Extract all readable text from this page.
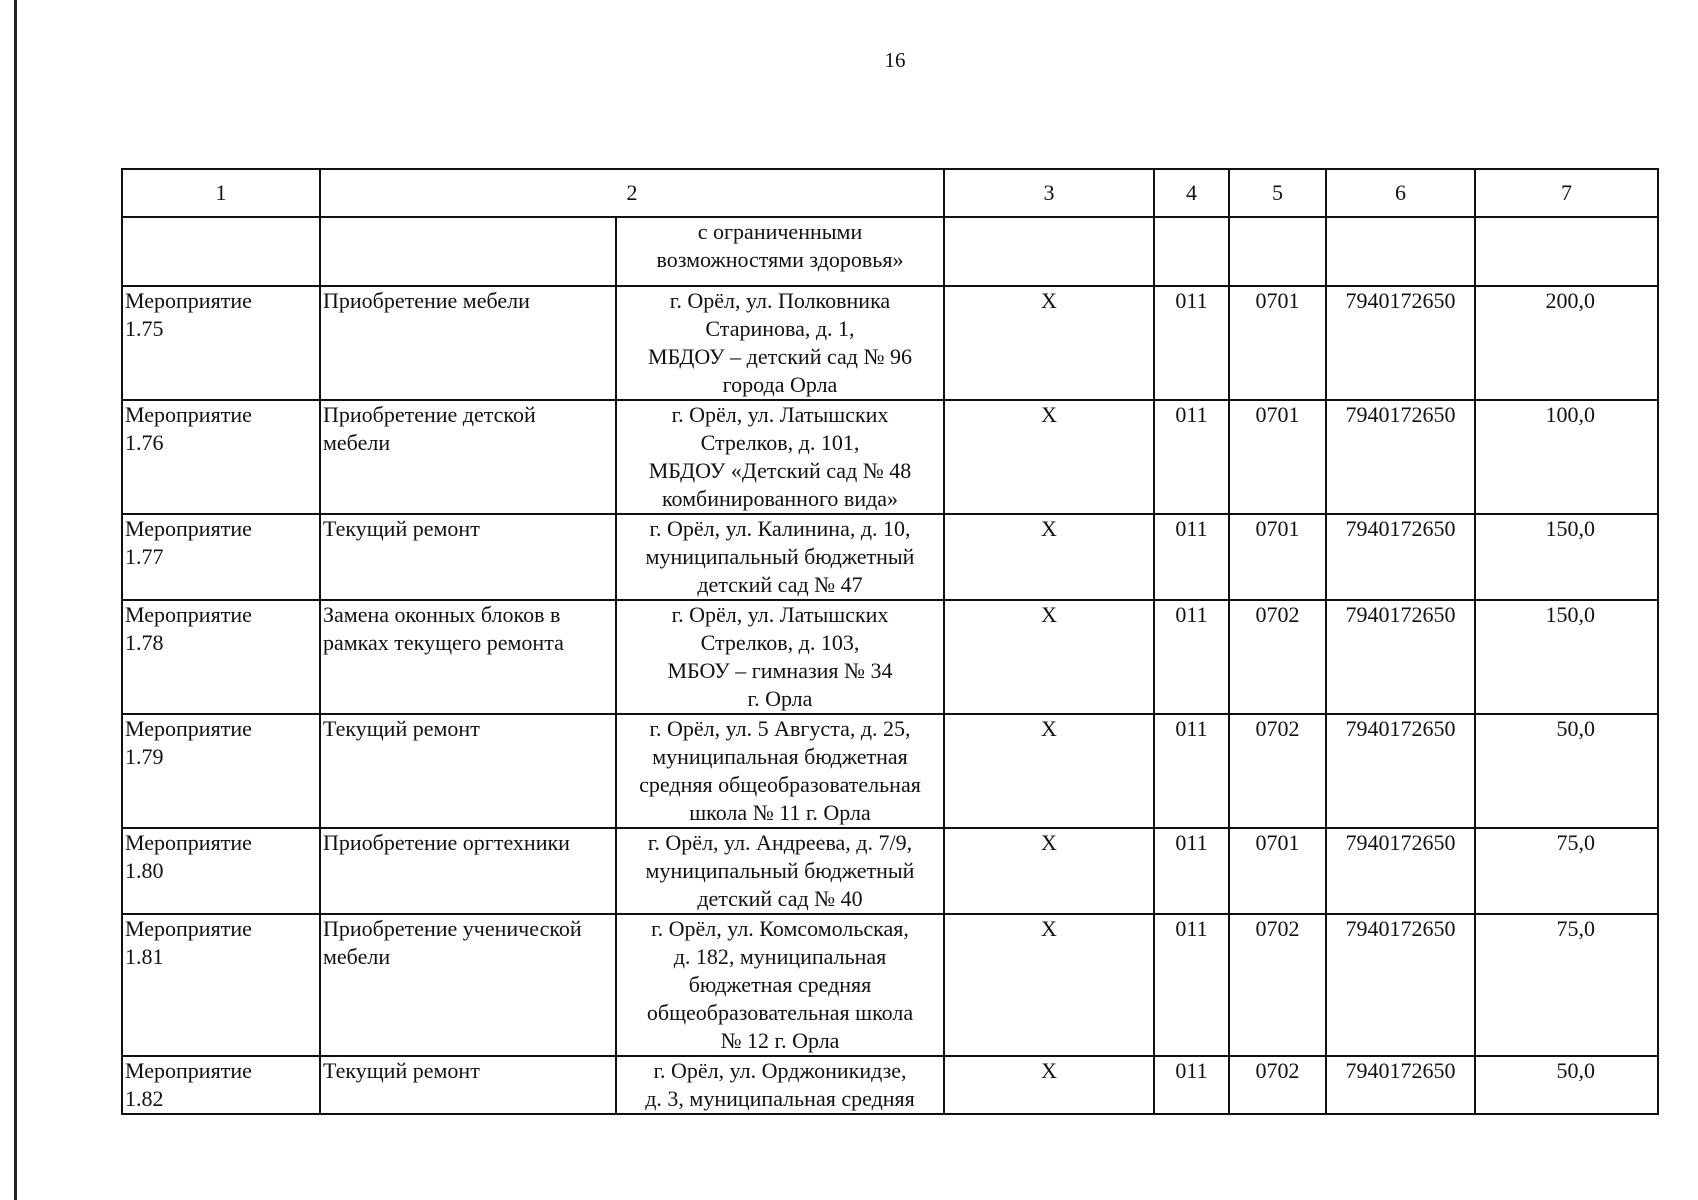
16
1	2		3	4	5	6	7

		с ограниченными
возможностями здоровья»					

Мероприятие
1.75	Приобретение мебели	г. Орёл, ул. Полковника
Старинова, д. 1,
МБДОУ – детский сад № 96
города Орла	X	011	0701	7940172650	200,0

Мероприятие
1.76	Приобретение детской
мебели	г. Орёл, ул. Латышских
Стрелков, д. 101,
МБДОУ «Детский сад № 48
комбинированного вида»	X	011	0701	7940172650	100,0

Мероприятие
1.77	Текущий ремонт	г. Орёл, ул. Калинина, д. 10,
муниципальный бюджетный
детский сад № 47	X	011	0701	7940172650	150,0

Мероприятие
1.78	Замена оконных блоков в
рамках текущего ремонта	г. Орёл, ул. Латышских
Стрелков, д. 103,
МБОУ – гимназия № 34
г. Орла	X	011	0702	7940172650	150,0

Мероприятие
1.79	Текущий ремонт	г. Орёл, ул. 5 Августа, д. 25,
муниципальная бюджетная
средняя общеобразовательная
школа № 11 г. Орла	X	011	0702	7940172650	50,0

Мероприятие
1.80	Приобретение оргтехники	г. Орёл, ул. Андреева, д. 7/9,
муниципальный бюджетный
детский сад № 40	X	011	0701	7940172650	75,0

Мероприятие
1.81	Приобретение ученической
мебели	г. Орёл, ул. Комсомольская,
д. 182, муниципальная
бюджетная средняя
общеобразовательная школа
№ 12 г. Орла	X	011	0702	7940172650	75,0

Мероприятие
1.82	Текущий ремонт	г. Орёл, ул. Орджоникидзе,
д. 3, муниципальная средняя	X	011	0702	7940172650	50,0
